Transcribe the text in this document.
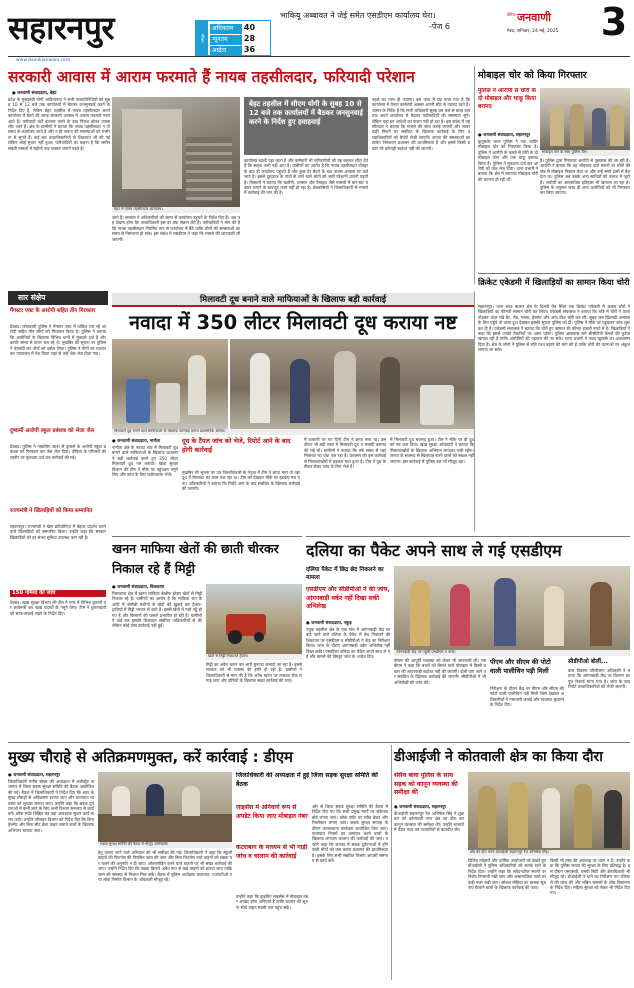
सहारनपुर	मौसम
अधिकतम 40
न्यूनतम 28
आर्द्रता 36
भाकियू अब्बावत ने जेई समेत एसडीएम कार्यालय घेरा।
-पेज 6
दैनिक जनवाणी
मेरठ, शनिवार, 24 मई, 2025 3
www.dainikjanwani.com
सरकारी आवास में आराम फरमाते हैं नायब तहसीलदार, फरियादी परेशान
● जनवाणी संवाददाता, बेहट

प्रदेश के मुख्यमंत्री योगी आदित्यनाथ ने सभी जनप्रतिनिधियों को सुबह 10 से 12 बजे तक कार्यालयों में बैठकर जनसुनवाई करने के निर्देश दिए हैं, लेकिन बेहट तहसील में नायब तहसीलदार अपने कार्यालय में बैठने की जगह सरकारी आवास में आराम फरमाते नजर आते हैं। फरियादी घंटों इंतजार करने के बाद निराश होकर वापस लौट जाते हैं। क्षेत्र के ग्रामीणों ने बताया कि नायब तहसीलदार न तो समय से कार्यालय आते हैं और न ही जनता की समस्याओं को गंभीरता से सुनते हैं। कई बार उच्चाधिकारियों से शिकायत भी की गई लेकिन कोई सुधार नहीं हुआ। फरियादियों का कहना है कि जमीन संबंधी मामलों में महीनों तक चक्कर लगाने पड़ते हैं।

बेहट में नायब तहसीलदार कार्यालय।

जाते हैं। सरकार ने अधिकारियों को समय से कार्यालय पहुंचने के निर्देश दिए हैं। अब यह देखना होगा कि उच्चाधिकारी इस पर क्या संज्ञान लेते हैं। फरियादियों ने मांग की है कि नायब तहसीलदार नियमित रूप से कार्यालय में बैठें ताकि लोगों की समस्याओं का समय से निस्तारण हो सके। इस संबंध में एसडीएम ने कहा कि मामले की जानकारी ली जाएगी।

बेहट तहसील में सीएम योगी के सुबह 10 से 12 बजे तक कार्यालयों में बैठकर जनसुनवाई करने के निर्देश हुए हवाहवाई

कार्यालय खाली पड़ा रहता है और कर्मचारी भी फरियादियों को यह कहकर लौटा देते हैं कि साहब अभी नहीं आए हैं। ग्रामीणों का आरोप है कि नायब तहसीलदार दोपहर के बाद ही कार्यालय पहुंचते हैं और कुछ देर बैठने के बाद वापस आवास पर चले जाते हैं। इससे दूरदराज के गांवों से आने वाले लोगों को भारी परेशानी उठानी पड़ती है। किसानों ने बताया कि खतौनी, वरासत और पैमाइश जैसे मामलों में बार-बार चक्कर लगाने के बावजूद काम नहीं हो रहा है। क्षेत्रवासियों ने जिलाधिकारी से मामले में कार्रवाई की मांग की है।

पहले का चला ही जाएगा। इस जांच में यह पाया गया है कि कार्यालय में तैनात कर्मचारी अक्सर अपनी सीट से नदारद रहते हैं। शासन के निर्देश हैं कि सभी अधिकारी सुबह दस बजे से बारह बजे तक अपने कार्यालय में बैठकर फरियादियों की समस्याएं सुनें। लेकिन यहां इन आदेशों का पालन नहीं हो रहा है। इस संबंध में तहसीलदार ने बताया कि मामले की जांच कराई जाएगी और लापरवाही मिलने पर संबंधित के खिलाफ कार्रवाई के लिए उच्चाधिकारियों को रिपोर्ट भेजी जाएगी। जनता की समस्याओं का त्वरित निस्तारण प्रशासन की प्राथमिकता है और इसमें किसी प्रकार की कोताही बर्दाश्त नहीं की जाएगी।

मोबाइल चोर को किया गिरफ्तार
पुलिस ने आरोपी से चोरी के दो मोबाइल और चाकू किया बरामद
मोबाइल चोर के साथ पुलिस टीम।
● जनवाणी संवाददाता, सहारनपुर

कुतुबशेर थाना पुलिस ने एक शातिर मोबाइल चोर को गिरफ्तार किया है। पुलिस ने आरोपी के कब्जे से चोरी के दो मोबाइल फोन और एक चाकू बरामद किया है। पुलिस ने मुकदमा दर्ज कर आरोपी को जेल भेज दिया। थाना प्रभारी ने बताया कि क्षेत्र में लगातार मोबाइल चोरी की घटनाएं हो रही थीं।

है। पुलिस द्वारा गिरफ्तार आरोपी से पूछताछ की जा रही है। आरोपी ने बताया कि वह भीड़भाड़ वाले स्थानों पर लोगों की जेब से मोबाइल निकाल लेता था और उन्हें सस्ते दामों में बेच देता था। पुलिस अब उसके अन्य साथियों की तलाश में जुटी है। आरोपी का आपराधिक इतिहास भी खंगाला जा रहा है। पुलिस के अनुसार जल्द ही अन्य आरोपियों को भी गिरफ्तार कर लिया जाएगा।

क्रिकेट एकेडमी में खिलाड़ियों का सामान किया चोरी

सहारनपुर। थाना सदर बाजार क्षेत्र के दिल्ली रोड स्थित एक क्रिकेट एकेडमी में अज्ञात चोरों ने खिलाड़ियों का कीमती सामान चोरी कर लिया। एकेडमी संचालक ने बताया कि रात्रि में चोरों ने ताला तोड़कर अंदर रखे बैट, पैड, ग्लव्स, हेलमेट और अन्य किट चोरी कर लीं। सुबह जब खिलाड़ी अभ्यास के लिए पहुंचे तो ताला टूटा देखकर इसकी सूचना पुलिस को दी। पुलिस ने मौके पर पहुंचकर जांच शुरू कर दी है। एकेडमी संचालक ने बताया कि चोरी हुए सामान की कीमत हजारों रुपये में है। खिलाड़ियों ने कहा कि इससे उनकी तैयारियों पर असर पड़ेगा। पुलिस आसपास लगे सीसीटीवी कैमरों की फुटेज खंगाल रही है ताकि आरोपियों की पहचान की जा सके। थाना प्रभारी ने जल्द खुलासे का आश्वासन दिया है। क्षेत्र के लोगों ने पुलिस से रात्रि गश्त बढ़ाने की मांग की है ताकि चोरी की घटनाओं पर अंकुश लगाया जा सके।

सार संक्षेप
गैंगस्टर एक्ट के आरोपी सहित तीन गिरफ्तार

देवबंद। कोतवाली पुलिस ने गैंगस्टर एक्ट में वांछित चल रहे आरोपी सहित तीन लोगों को गिरफ्तार किया है। पुलिस ने बताया कि आरोपियों के खिलाफ विभिन्न थानों में मुकदमे दर्ज हैं और काफी समय से फरार चल रहे थे। मुखबिर की सूचना पर पुलिस ने घेराबंदी कर तीनों को दबोच लिया। पुलिस ने तीनों का चालान कर न्यायालय में पेश किया जहां से उन्हें जेल भेज दिया गया।

दुष्कर्मी आरोपी स्कूल प्रबंधक को भेजा जेल

देवबंद। पुलिस ने नाबालिग छात्रा से दुष्कर्म के आरोपी स्कूल प्रबंधक को गिरफ्तार कर जेल भेज दिया। पीड़िता के परिजनों की तहरीर पर मुकदमा दर्ज कर कार्रवाई की गई।

राज्यमंत्री ने खिलाड़ियों को किया सम्मानित

सहारनपुर। राज्यमंत्री ने खेल प्रतियोगिता में बेहतर प्रदर्शन करने वाले खिलाड़ियों को सम्मानित किया। उन्होंने कहा कि सरकार खिलाड़ियों को हर संभव सुविधा उपलब्ध करा रही है।

150 गमियों की जांच

देवबंद। खाद्य सुरक्षा विभाग की टीम ने नगर में विभिन्न दुकानों पर छापेमारी कर खाद्य पदार्थों के नमूने लिए। टीम ने दुकानदारों को साफ-सफाई रखने के निर्देश दिए।

मिलावटी दूध बनाने वाले माफियाओं के खिलाफ बड़ी कार्रवाई
नवादा में 350 लीटर मिलावटी दूध कराया नष्ट
मिलावटी दूध बनाने वाले माफियाओं के खिलाफ कार्रवाई करता प्रशासनिक अमला।
● जनवाणी संवाददाता, नानौता

नानौता क्षेत्र के नवादा गांव में मिलावटी दूध बनाने वाले माफियाओं के खिलाफ प्रशासन ने बड़ी कार्रवाई करते हुए 350 लीटर मिलावटी दूध नष्ट कराया। खाद्य सुरक्षा विभाग की टीम ने मौके पर पहुंचकर नमूने लिए और जांच के लिए प्रयोगशाला भेजे।

दूध के टैंपल जांच को भेजे, रिपोर्ट आने के बाद होगी कार्रवाई

मुखबिर की सूचना पर उप जिलाधिकारी के नेतृत्व में टीम ने छापा मारा तो वहां दूध में मिलावट का काम चल रहा था। टीम को देखकर मौके पर हड़कंप मच गया। अधिकारियों ने बताया कि रिपोर्ट आने के बाद संबंधित के खिलाफ कार्रवाई की जाएगी।

में डाकानी पर गत दिनों टीम ने छापा मारा था। उस दौरान भी बड़ी मात्रा में मिलावटी दूध व सामग्री बरामद की गई थी। ग्रामीणों ने बताया कि लंबे समय से यहां मिलावट का धंधा चल रहा है। प्रशासन की इस कार्रवाई से मिलावटखोरों में हड़कंप मचा हुआ है। टीम ने दूध के सैंपल लेकर जांच के लिए भेजे हैं।

में मिलावटी दूध बरामद हुआ। टीम ने मौके पर ही दूध को नष्ट करा दिया। खाद्य सुरक्षा अधिकारी ने बताया कि मिलावटखोरों के खिलाफ अभियान लगातार जारी रहेगा। जनता के स्वास्थ्य से खिलवाड़ करने वालों को बख्शा नहीं जाएगा। इस कार्रवाई में पुलिस बल भी मौजूद रहा।

खनन माफिया खेतों की छाती चीरकर निकाल रहे हैं मिट्टी
● जनवाणी संवाददाता, चिलकाना

चिलकाना क्षेत्र में खनन माफिया बेखौफ होकर खेतों से मिट्टी निकाल रहे हैं। ग्रामीणों का आरोप है कि माफिया रात के अंधेरे में जेसीबी मशीनों से खेतों की खुदाई कर ट्रैक्टर-ट्रालियों में मिट्टी भरकर ले जाते हैं। इससे खेतों में गहरे गड्ढे हो गए हैं और किसानों की फसलें प्रभावित हो रही हैं। ग्रामीणों ने कई बार इसकी शिकायत संबंधित अधिकारियों से की लेकिन कोई ठोस कार्रवाई नहीं हुई।

खेतों से मिट्टी निकालते ट्रैक्टर।

मिट्टी का अवैध खनन कर भारी मुनाफा कमाया जा रहा है। इससे सरकार को भी राजस्व की हानि हो रही है। ग्रामीणों ने जिलाधिकारी से मांग की है कि अवैध खनन पर तत्काल रोक लगाई जाए और दोषियों के खिलाफ सख्त कार्रवाई की जाए।

दलिया का पैकेट अपने साथ ले गई एसडीएम
दलिया पैकेट में छिद्र छेद निकलने का मामला
एसडीएम और सीडीपीओ ने की जांच, आंगनबाड़ी वर्कर नहीं दिखा सकी अभिलेख
● जनवाणी संवाददाता, नकुड़

नकुड़ तहसील क्षेत्र के एक गांव में आंगनबाड़ी केंद्र पर बांटे जाने वाले दलिया के पैकेट में छेद निकलने की शिकायत पर एसडीएम व सीडीपीओ ने केंद्र का निरीक्षण किया। जांच के दौरान आंगनबाड़ी वर्कर अभिलेख नहीं दिखा सकी। एसडीएम दलिया का पैकेट अपने साथ ले गईं और मामले की विस्तृत जांच के आदेश दिए।

आंगनबाड़ी केंद्र पर पहुंची एसडीएम व अन्य।

पोषण की आपूर्ति व्यवस्था को लेकर भी जानकारी ली। एसडीएम ने कहा कि बच्चों को मिलने वाले पोषाहार में किसी प्रकार की लापरवाही बर्दाश्त नहीं की जाएगी। दोषी पाए जाने पर संबंधित के खिलाफ कार्रवाई की जाएगी। सीडीपीओ ने भी अभिलेखों की जांच की।

पीएम और सीएम की पोटो वाली पालीथिन पड़ी मिली

निरीक्षण के दौरान केंद्र पर पीएम और सीएम की फोटो वाली पालीथिन पड़ी मिली जिसे देखकर अधिकारियों ने नाराजगी जताई और व्यवस्था सुधारने के निर्देश दिए।

सीडीपीओ बोलीं...

बाल विकास परियोजना अधिकारी ने बताया कि आंगनबाड़ी केंद्र पर वितरण का पूरा रिकार्ड मांगा गया है। जांच के बाद रिपोर्ट उच्चाधिकारियों को भेजी जाएगी।

मुख्य चौराहे से अतिक्रमणमुक्त, करें कार्रवाई : डीएम
● जनवाणी संवाददाता, सहारनपुर

जिलाधिकारी मनीष बंसल की अध्यक्षता में कलेक्ट्रेट सभागार में जिला सड़क सुरक्षा समिति की बैठक आयोजित की गई। बैठक में जिलाधिकारी ने निर्देश दिए कि शहर के मुख्य चौराहों से अतिक्रमण हटाया जाए और यातायात व्यवस्था को सुचारू बनाया जाए। उन्होंने कहा कि सड़क दुर्घटनाओं में कमी लाने के लिए सभी विभाग समन्वय से कार्य करें। ब्लैक स्पॉट चिह्नित कर वहां आवश्यक सुधार कार्य कराए जाएं। उन्होंने परिवहन विभाग को निर्देश दिए कि बिना हेलमेट और बिना सीट बेल्ट वाहन चलाने वालों के खिलाफ अभियान चलाया जाए।

सड़क सुरक्षा समिति की बैठक में मौजूद अधिकारी।

हेतु चलाए जाने वाले अभियान की भी समीक्षा की गई। जिलाधिकारी ने कहा कि स्कूली वाहनों की फिटनेस की नियमित जांच की जाए और बिना फिटनेस वाले वाहनों को सड़क पर चलने की अनुमति न दी जाए। ओवरलोडिंग करने वाले वाहनों पर भी सख्त कार्रवाई की जाए। उन्होंने निर्देश दिए कि सड़क किनारे अवैध रूप से खड़े वाहनों को हटाया जाए ताकि जाम की समस्या से निजात मिल सके। बैठक में पुलिस अधीक्षक यातायात, एआरटीओ तथा लोक निर्माण विभाग के अधिकारी मौजूद रहे।

जिलाधिकारी की अध्यक्षता में हुई जिला सड़क सुरक्षा समिति की बैठक
लाइसेंस में अनिवार्य रूप से अपडेट किया जाए मोबाइल नंबर
कटराबाग के माध्यम से भी गाड़ी जांच व चालान की कार्रवाई

उन्होंने कहा कि ड्राइविंग लाइसेंस में मोबाइल नंबर अपडेट होना अनिवार्य है ताकि चालान की सूचना सीधे वाहन स्वामी तक पहुंच सके।

ओर से जिला सड़क सुरक्षा समिति की बैठक में निर्देश दिए गए कि सभी प्रमुख मार्गों पर संकेतक बोर्ड लगाए जाएं। ब्लैक स्पॉट पर स्पीड ब्रेकर और रिफ्लेक्टर लगाए जाएं। सड़क सुरक्षा सप्ताह के दौरान जागरूकता कार्यक्रम आयोजित किए जाएं। यातायात नियमों का उल्लंघन करने वालों के खिलाफ लगातार चालान की कार्रवाई की जाए। उन्होंने कहा कि जनपद में सड़क दुर्घटनाओं में होने वाली मौतों को कम करना प्रशासन की प्राथमिकता है। इसके लिए सभी संबंधित विभाग आपसी समन्वय से कार्य करें।

डीआईजी ने कोतवाली क्षेत्र का किया दौरा
सेसैथ बावा पुलिस के साथ सड़क को कानून व्यवस्था की समीक्षा की
● जनवाणी संवाददाता, सहारनपुर

डीआईजी सहारनपुर रेंज अभिषेक सिंह ने शुक्रवार को कोतवाली नगर क्षेत्र का दौरा कर कानून व्यवस्था की समीक्षा की। उन्होंने बाजारों में पैदल गश्त कर व्यापारियों से बातचीत की।

क्षेत्र का दौरा करते डीआईजी सहारनपुर रेंज अभिषेक सिंह।

विभिन्न त्योहारों और धार्मिक आयोजनों को देखते हुए डीआईजी ने पुलिस अधिकारियों को सतर्क रहने के निर्देश दिए। उन्होंने कहा कि संवेदनशील स्थानों पर विशेष निगरानी रखी जाए और असामाजिक तत्वों पर कड़ी नजर रखी जाए। सोशल मीडिया पर भ्रामक सूचनाएं फैलाने वालों के खिलाफ कार्रवाई की जाए।

किसी भी तरह की अफवाह पर ध्यान न दें। उन्होंने कहा कि पुलिस जनता की सुरक्षा के लिए प्रतिबद्ध है। इस दौरान एसएसपी, एसपी सिटी और क्षेत्राधिकारी भी मौजूद रहे। डीआईजी ने थाने का निरीक्षण कर रजिस्टरों की जांच की और लंबित मामलों के शीघ्र निस्तारण के निर्देश दिए। महिला सुरक्षा को लेकर भी निर्देश दिए गए।
